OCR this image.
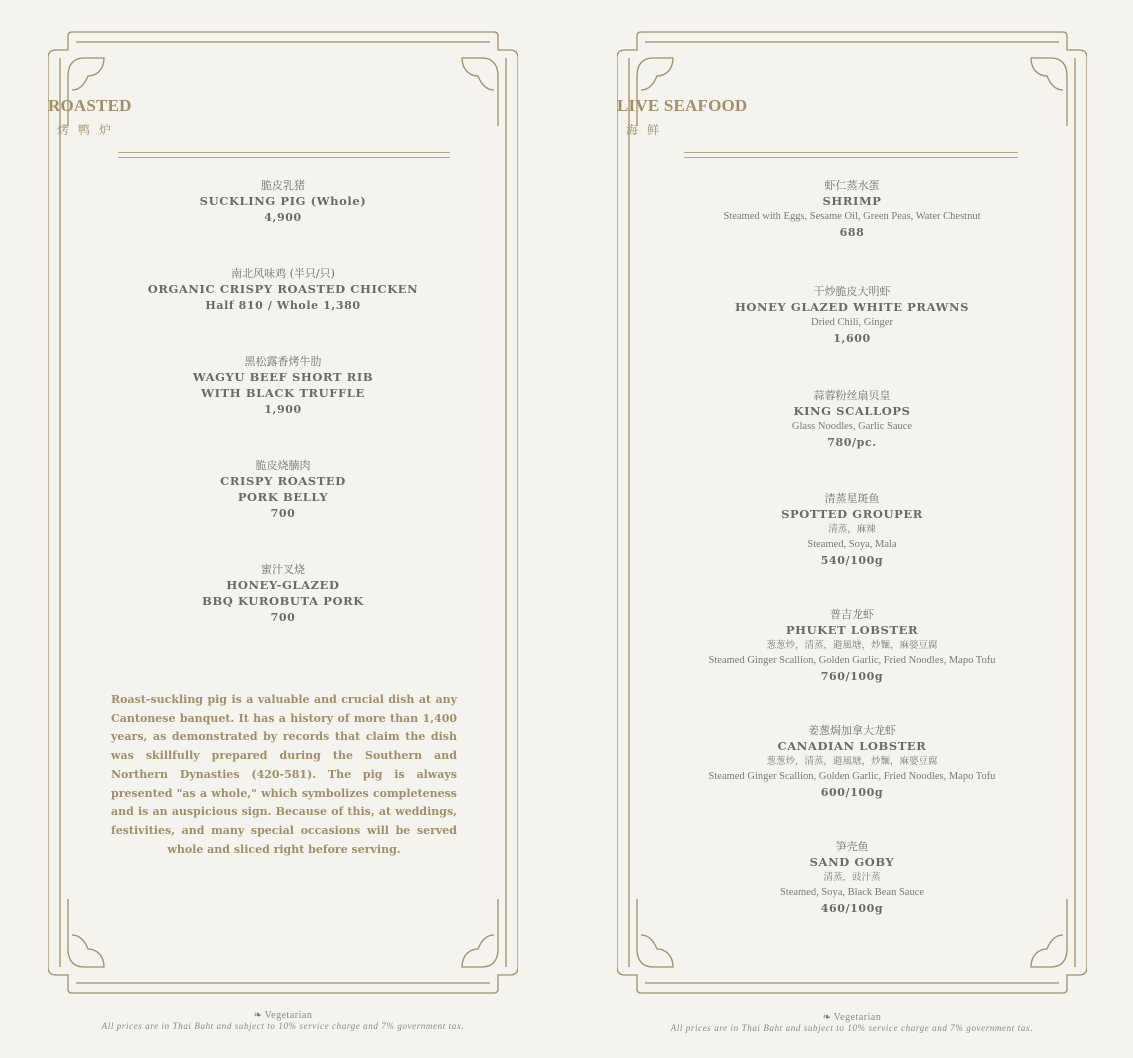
ROASTED
烤鸭炉
脆皮乳猪
SUCKLING PIG (Whole)
4,900
南北风味鸡 (半只/只)
ORGANIC CRISPY ROASTED CHICKEN
Half 810 / Whole 1,380
黑松露香烤牛肋
WAGYU BEEF SHORT RIB
WITH BLACK TRUFFLE
1,900
脆皮烧腩肉
CRISPY ROASTED
PORK BELLY
700
蜜汁叉烧
HONEY-GLAZED
BBQ KUROBUTA PORK
700
Roast-suckling pig is a valuable and crucial dish at any Cantonese banquet. It has a history of more than 1,400 years, as demonstrated by records that claim the dish was skillfully prepared during the Southern and Northern Dynasties (420-581). The pig is always presented "as a whole," which symbolizes completeness and is an auspicious sign. Because of this, at weddings, festivities, and many special occasions will be served whole and sliced right before serving.
❧ Vegetarian
All prices are in Thai Baht and subject to 10% service charge and 7% government tax.
LIVE SEAFOOD
海鲜
虾仁蒸水蛋
SHRIMP
Steamed with Eggs, Sesame Oil, Green Peas, Water Chestnut
688
干炒脆皮大明虾
HONEY GLAZED WHITE PRAWNS
Dried Chili, Ginger
1,600
蒜蓉粉丝扇贝皇
KING SCALLOPS
Glass Noodles, Garlic Sauce
780/pc.
清蒸星斑鱼
SPOTTED GROUPER
清蒸，麻辣
Steamed, Soya, Mala
540/100g
普吉龙虾
PHUKET LOBSTER
葱葱炒，清蒸，避風塘，炒麵，麻婆豆腐
Steamed Ginger Scallion, Golden Garlic, Fried Noodles, Mapo Tofu
760/100g
姜葱焗加拿大龙虾
CANADIAN LOBSTER
葱葱炒，清蒸，避風塘，炒麵，麻婆豆腐
Steamed Ginger Scallion, Golden Garlic, Fried Noodles, Mapo Tofu
600/100g
笋壳鱼
SAND GOBY
清蒸，豉汁蒸
Steamed, Soya, Black Bean Sauce
460/100g
❧ Vegetarian
All prices are in Thai Baht and subject to 10% service charge and 7% government tax.
